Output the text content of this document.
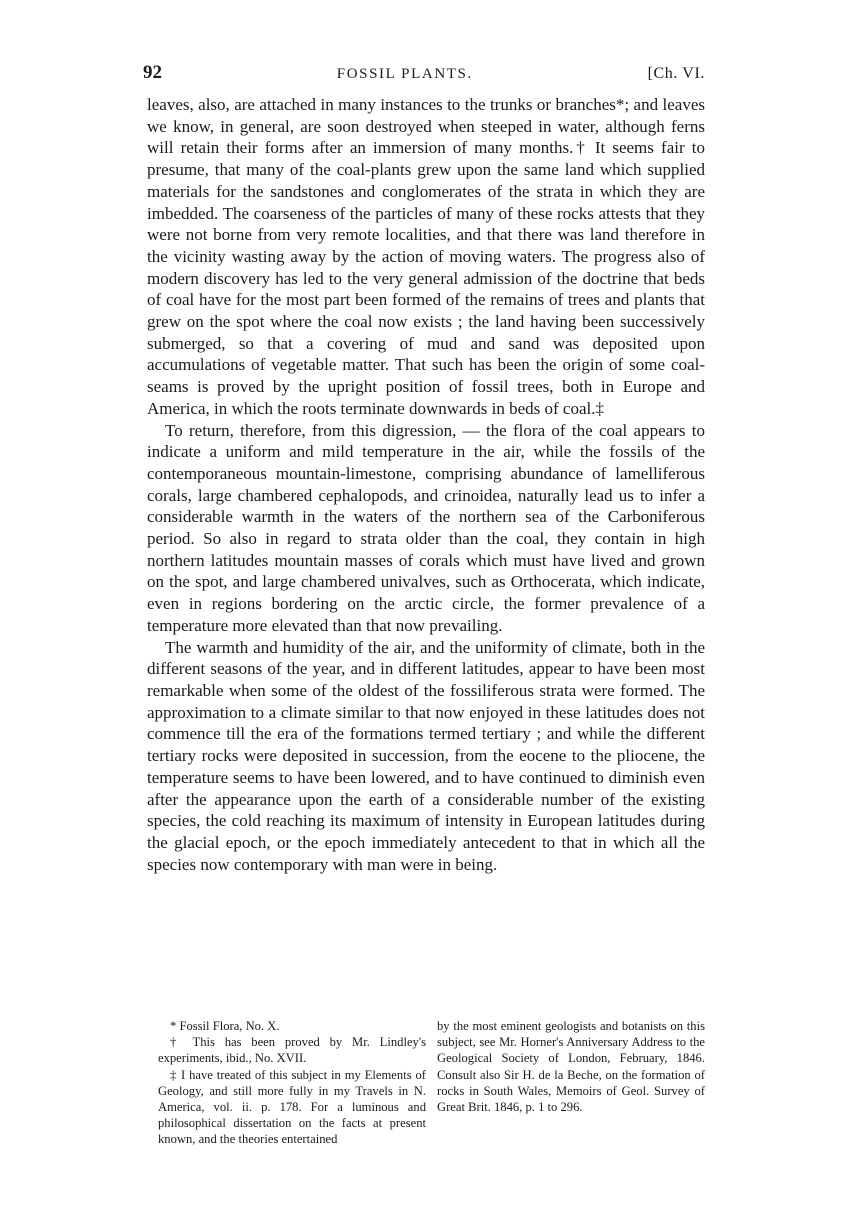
92	FOSSIL PLANTS.	[Ch. VI.

leaves, also, are attached in many instances to the trunks or branches*; and leaves we know, in general, are soon destroyed when steeped in water, although ferns will retain their forms after an immersion of many months.† It seems fair to presume, that many of the coal-plants grew upon the same land which supplied materials for the sandstones and conglomerates of the strata in which they are imbedded. The coarseness of the particles of many of these rocks attests that they were not borne from very remote localities, and that there was land therefore in the vicinity wasting away by the action of moving waters. The progress also of modern discovery has led to the very general admission of the doctrine that beds of coal have for the most part been formed of the remains of trees and plants that grew on the spot where the coal now exists ; the land having been successively submerged, so that a covering of mud and sand was deposited upon accumulations of vegetable matter. That such has been the origin of some coal-seams is proved by the upright position of fossil trees, both in Europe and America, in which the roots terminate downwards in beds of coal.‡

To return, therefore, from this digression, — the flora of the coal appears to indicate a uniform and mild temperature in the air, while the fossils of the contemporaneous mountain-limestone, comprising abundance of lamelliferous corals, large chambered cephalopods, and crinoidea, naturally lead us to infer a considerable warmth in the waters of the northern sea of the Carboniferous period. So also in regard to strata older than the coal, they contain in high northern latitudes mountain masses of corals which must have lived and grown on the spot, and large chambered univalves, such as Orthoceratа, which indicate, even in regions bordering on the arctic circle, the former prevalence of a temperature more elevated than that now prevailing.

The warmth and humidity of the air, and the uniformity of climate, both in the different seasons of the year, and in different latitudes, appear to have been most remarkable when some of the oldest of the fossiliferous strata were formed. The approximation to a climate similar to that now enjoyed in these latitudes does not commence till the era of the formations termed tertiary ; and while the different tertiary rocks were deposited in succession, from the eocene to the pliocene, the temperature seems to have been lowered, and to have continued to diminish even after the appearance upon the earth of a considerable number of the existing species, the cold reaching its maximum of intensity in European latitudes during the glacial epoch, or the epoch immediately antecedent to that in which all the species now contemporary with man were in being.

* Fossil Flora, No. X.

† This has been proved by Mr. Lindley's experiments, ibid., No. XVII.

‡ I have treated of this subject in my Elements of Geology, and still more fully in my Travels in N. America, vol. ii. p. 178. For a luminous and philosophical dissertation on the facts at present known, and the theories entertained

by the most eminent geologists and botanists on this subject, see Mr. Horner's Anniversary Address to the Geological Society of London, February, 1846. Consult also Sir H. de la Beche, on the formation of rocks in South Wales, Memoirs of Geol. Survey of Great Brit. 1846, p. 1 to 296.
